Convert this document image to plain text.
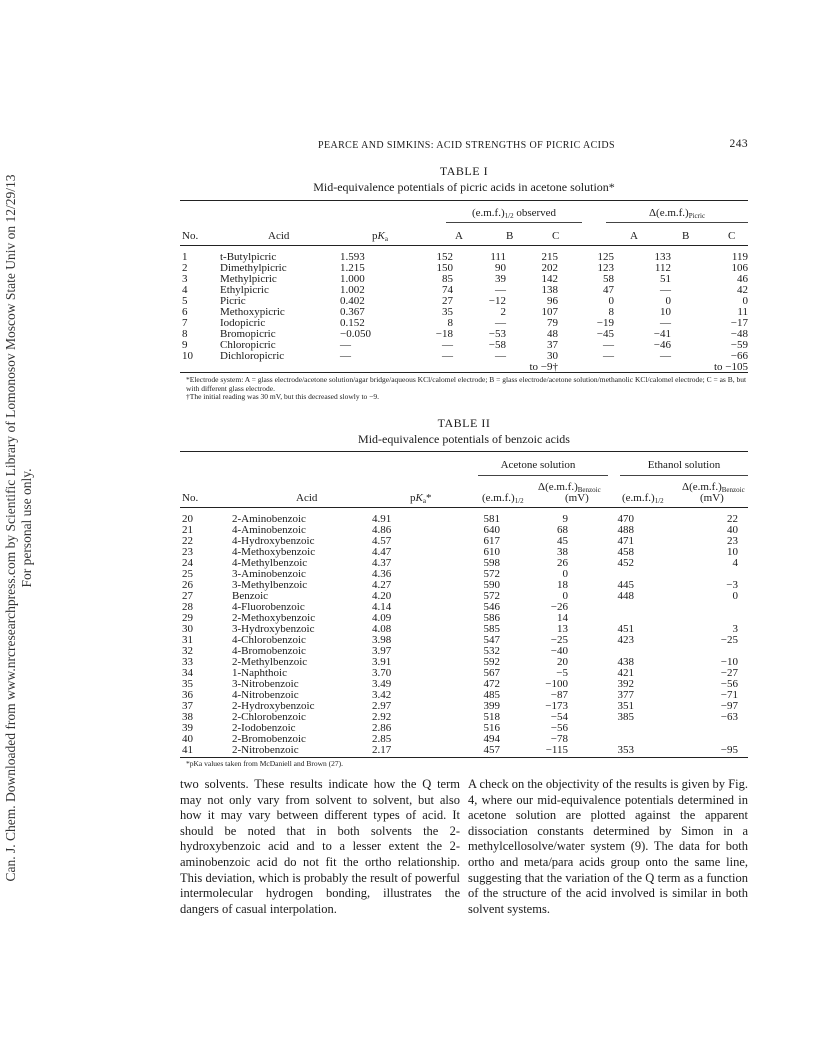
Can. J. Chem. Downloaded from www.nrcresearchpress.com by Scientific Library of Lomonosov Moscow State Univ on 12/29/13 For personal use only.
PEARCE AND SIMKINS: ACID STRENGTHS OF PICRIC ACIDS	243
TABLE I
Mid-equivalence potentials of picric acids in acetone solution*
$(e.m.f.)_{1/2}$ observed	$\Delta(e.m.f.)_{Picric}$
No.	Acid	$pK_a$	A	B	C	A	B	C
1	t-Butylpicric	1.593	152	111	215	125	133	119
2	Dimethylpicric	1.215	150	90	202	123	112	106
3	Methylpicric	1.000	85	39	142	58	51	46
4	Ethylpicric	1.002	74	—	138	47	—	42
5	Picric	0.402	27	−12	96	0	0	0
6	Methoxypicric	0.367	35	2	107	8	10	11
7	Iodopicric	0.152	8	—	79	−19	—	−17
8	Bromopicric	−0.050	−18	−53	48	−45	−41	−48
9	Chloropicric	—	—	−58	37	—	−46	−59
10	Dichloropicric	—	—	—	30	—	—	−66
					to −9†			to −105
*Electrode system: A = glass electrode/acetone solution/agar bridge/aqueous KCl/calomel electrode; B = glass electrode/acetone solution/methanolic KCl/calomel electrode; C = as B, but with different glass electrode.
†The initial reading was 30 mV, but this decreased slowly to −9.
TABLE II
Mid-equivalence potentials of benzoic acids
Acetone solution	Ethanol solution
$\Delta(e.m.f.)_{Benzoic}$	$\Delta(e.m.f.)_{Benzoic}$
No.	Acid	$pK_a*$	$(e.m.f.)_{1/2}$	(mV)	$(e.m.f.)_{1/2}$	(mV)
20	2-Aminobenzoic	4.91	581	9	470	22
21	4-Aminobenzoic	4.86	640	68	488	40
22	4-Hydroxybenzoic	4.57	617	45	471	23
23	4-Methoxybenzoic	4.47	610	38	458	10
24	4-Methylbenzoic	4.37	598	26	452	4
25	3-Aminobenzoic	4.36	572	0		
26	3-Methylbenzoic	4.27	590	18	445	−3
27	Benzoic	4.20	572	0	448	0
28	4-Fluorobenzoic	4.14	546	−26		
29	2-Methoxybenzoic	4.09	586	14		
30	3-Hydroxybenzoic	4.08	585	13	451	3
31	4-Chlorobenzoic	3.98	547	−25	423	−25
32	4-Bromobenzoic	3.97	532	−40		
33	2-Methylbenzoic	3.91	592	20	438	−10
34	1-Naphthoic	3.70	567	−5	421	−27
35	3-Nitrobenzoic	3.49	472	−100	392	−56
36	4-Nitrobenzoic	3.42	485	−87	377	−71
37	2-Hydroxybenzoic	2.97	399	−173	351	−97
38	2-Chlorobenzoic	2.92	518	−54	385	−63
39	2-Iodobenzoic	2.86	516	−56		
40	2-Bromobenzoic	2.85	494	−78		
41	2-Nitrobenzoic	2.17	457	−115	353	−95
*pKa values taken from McDaniell and Brown (27).
two solvents. These results indicate how the Q term may not only vary from solvent to solvent, but also how it may vary between different types of acid. It should be noted that in both solvents the 2-hydroxybenzoic acid and to a lesser extent the 2-aminobenzoic acid do not fit the ortho relationship. This deviation, which is probably the result of powerful intermolecular hydrogen bonding, illustrates the dangers of casual interpolation.
A check on the objectivity of the results is given by Fig. 4, where our mid-equivalence potentials determined in acetone solution are plotted against the apparent dissociation constants determined by Simon in a methylcellosolve/water system (9). The data for both ortho and meta/para acids group onto the same line, suggesting that the variation of the Q term as a function of the structure of the acid involved is similar in both solvent systems.
